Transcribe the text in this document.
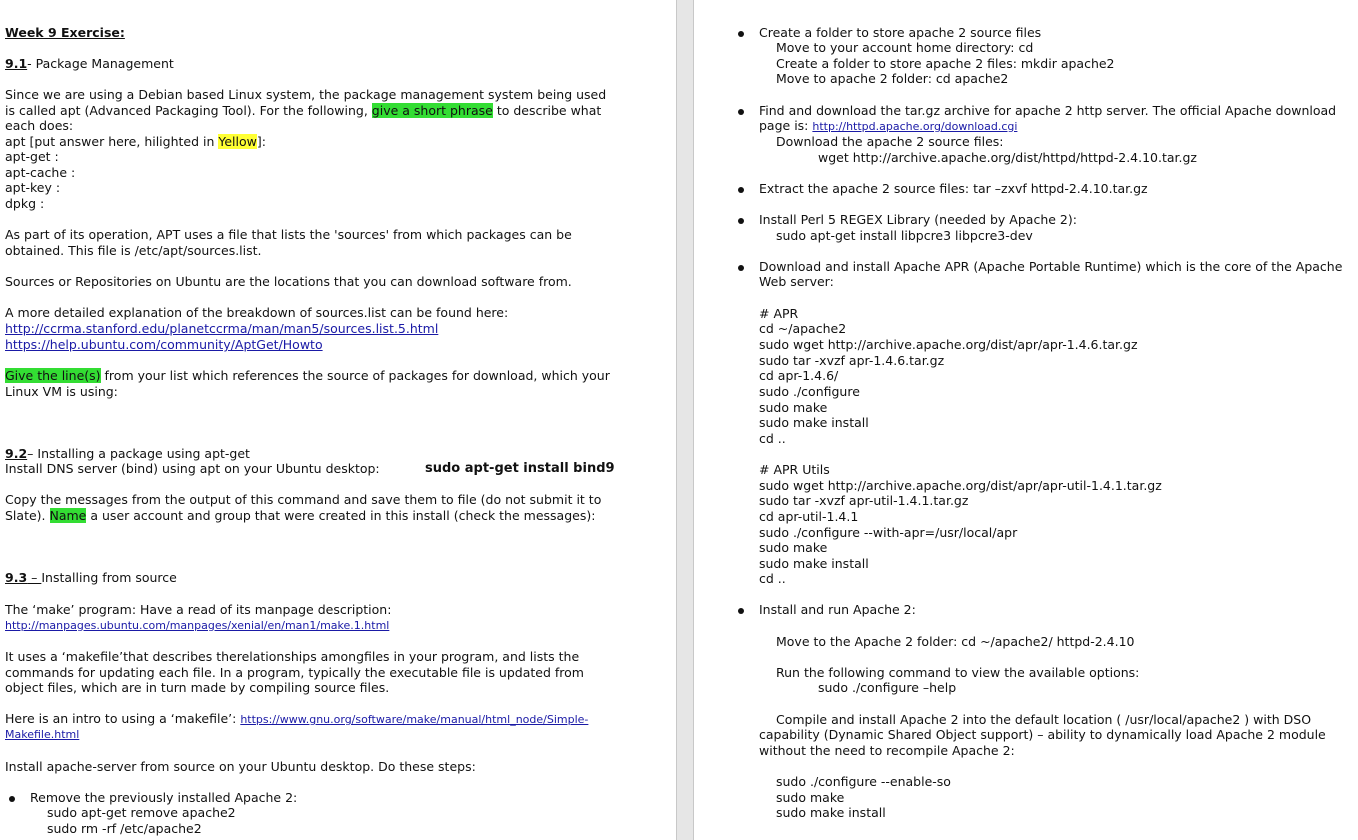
Week 9 Exercise:
9.1- Package Management
Since we are using a Debian based Linux system, the package management system being used
is called apt (Advanced Packaging Tool). For the following, give a short phrase to describe what
each does:
apt [put answer here, hilighted in Yellow]:
apt-get :
apt-cache :
apt-key :
dpkg :
As part of its operation, APT uses a file that lists the 'sources' from which packages can be
obtained. This file is /etc/apt/sources.list.
Sources or Repositories on Ubuntu are the locations that you can download software from.
A more detailed explanation of the breakdown of sources.list can be found here:
http://ccrma.stanford.edu/planetccrma/man/man5/sources.list.5.html
https://help.ubuntu.com/community/AptGet/Howto
Give the line(s) from your list which references the source of packages for download, which your
Linux VM is using:
9.2– Installing a package using apt-get
Install DNS server (bind) using apt on your Ubuntu desktop:	sudo apt-get install bind9
Copy the messages from the output of this command and save them to file (do not submit it to
Slate). Name a user account and group that were created in this install (check the messages):
9.3 – Installing from source
The ‘make’ program: Have a read of its manpage description:
http://manpages.ubuntu.com/manpages/xenial/en/man1/make.1.html
It uses a ‘makefile’that describes therelationships amongfiles in your program, and lists the
commands for updating each file. In a program, typically the executable file is updated from
object files, which are in turn made by compiling source files.
Here is an intro to using a ‘makefile’: https://www.gnu.org/software/make/manual/html_node/Simple-
Makefile.html
Install apache-server from source on your Ubuntu desktop. Do these steps:
Remove the previously installed Apache 2:
sudo apt-get remove apache2
sudo rm -rf /etc/apache2
Create a folder to store apache 2 source files
Move to your account home directory: cd
Create a folder to store apache 2 files: mkdir apache2
Move to apache 2 folder: cd apache2
Find and download the tar.gz archive for apache 2 http server. The official Apache download
page is: http://httpd.apache.org/download.cgi
Download the apache 2 source files:
wget http://archive.apache.org/dist/httpd/httpd-2.4.10.tar.gz
Extract the apache 2 source files: tar –zxvf httpd-2.4.10.tar.gz
Install Perl 5 REGEX Library (needed by Apache 2):
sudo apt-get install libpcre3 libpcre3-dev
Download and install Apache APR (Apache Portable Runtime) which is the core of the Apache
Web server:
# APR
cd ~/apache2
sudo wget http://archive.apache.org/dist/apr/apr-1.4.6.tar.gz
sudo tar -xvzf apr-1.4.6.tar.gz
cd apr-1.4.6/
sudo ./configure
sudo make
sudo make install
cd ..
# APR Utils
sudo wget http://archive.apache.org/dist/apr/apr-util-1.4.1.tar.gz
sudo tar -xvzf apr-util-1.4.1.tar.gz
cd apr-util-1.4.1
sudo ./configure --with-apr=/usr/local/apr
sudo make
sudo make install
cd ..
Install and run Apache 2:
Move to the Apache 2 folder: cd ~/apache2/ httpd-2.4.10
Run the following command to view the available options:
sudo ./configure –help
Compile and install Apache 2 into the default location ( /usr/local/apache2 ) with DSO
capability (Dynamic Shared Object support) – ability to dynamically load Apache 2 module
without the need to recompile Apache 2:
sudo ./configure --enable-so
sudo make
sudo make install
